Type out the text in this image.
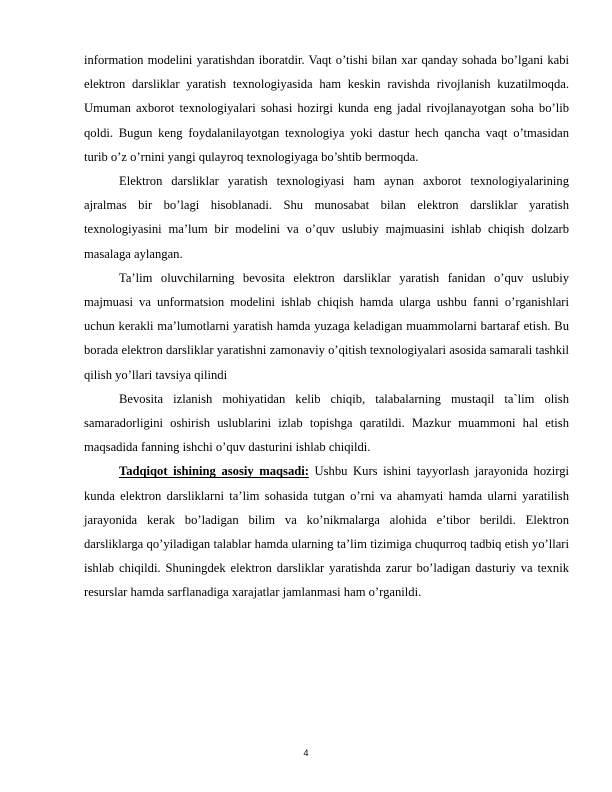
information modelini yaratishdan iboratdir. Vaqt o’tishi bilan xar qanday sohada bo’lgani kabi elektron darsliklar yaratish texnologiyasida ham keskin ravishda rivojlanish kuzatilmoqda. Umuman axborot texnologiyalari sohasi hozirgi kunda eng jadal rivojlanayotgan soha bo’lib qoldi. Bugun keng foydalanilayotgan texnologiya yoki dastur hech qancha vaqt o’tmasidan turib o’z o’rnini yangi qulayroq texnologiyaga bo’shtib bermoqda.

Elektron darsliklar yaratish texnologiyasi ham aynan axborot texnologiyalarining ajralmas bir bo’lagi hisoblanadi. Shu munosabat bilan elektron darsliklar yaratish texnologiyasini ma’lum bir modelini va o’quv uslubiy majmuasini ishlab chiqish dolzarb masalaga aylangan.

Ta’lim oluvchilarning bevosita elektron darsliklar yaratish fanidan o’quv uslubiy majmuasi va unformatsion modelini ishlab chiqish hamda ularga ushbu fanni o’rganishlari uchun kerakli ma’lumotlarni yaratish hamda yuzaga keladigan muammolarni bartaraf etish. Bu borada elektron darsliklar yaratishni zamonaviy o’qitish texnologiyalari asosida samarali tashkil qilish yo’llari tavsiya qilindi

Bevosita izlanish mohiyatidan kelib chiqib, talabalarning mustaqil ta`lim olish samaradorligini oshirish uslublarini izlab topishga qaratildi. Mazkur muammoni hal etish maqsadida fanning ishchi o’quv dasturini ishlab chiqildi.

Tadqiqot ishining asosiy maqsadi: Ushbu Kurs ishini tayyorlash jarayonida hozirgi kunda elektron darsliklarni ta’lim sohasida tutgan o’rni va ahamyati hamda ularni yaratilish jarayonida kerak bo’ladigan bilim va ko’nikmalarga alohida e’tibor berildi. Elektron darsliklarga qo’yiladigan talablar hamda ularning ta’lim tizimiga chuqurroq tadbiq etish yo’llari ishlab chiqildi. Shuningdek elektron darsliklar yaratishda zarur bo’ladigan dasturiy va texnik resurslar hamda sarflanadiga xarajatlar jamlanmasi ham o’rganildi.

4
